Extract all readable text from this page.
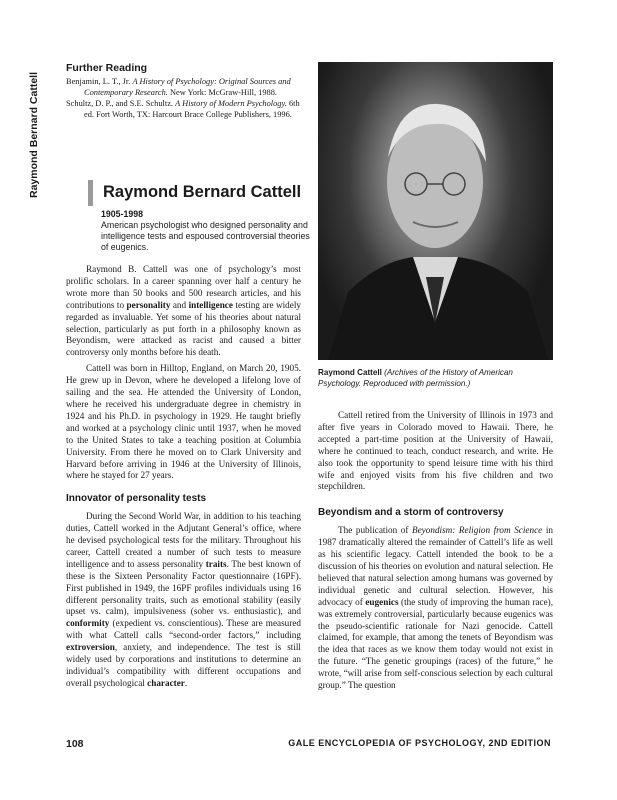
Raymond Bernard Cattell
Further Reading

Benjamin, L. T., Jr. A History of Psychology: Original Sources and Contemporary Research. New York: McGraw-Hill, 1988.

Schultz, D. P., and S.E. Schultz. A History of Modern Psychology. 6th ed. Fort Worth, TX: Harcourt Brace College Publishers, 1996.

Raymond Bernard Cattell
1905-1998
American psychologist who designed personality and intelligence tests and espoused controversial theories of eugenics.

Raymond B. Cattell was one of psychology’s most prolific scholars. In a career spanning over half a century he wrote more than 50 books and 500 research articles, and his contributions to personality and intelligence testing are widely regarded as invaluable. Yet some of his theories about natural selection, particularly as put forth in a philosophy known as Beyondism, were attacked as racist and caused a bitter controversy only months before his death.

Cattell was born in Hilltop, England, on March 20, 1905. He grew up in Devon, where he developed a lifelong love of sailing and the sea. He attended the University of London, where he received his undergraduate degree in chemistry in 1924 and his Ph.D. in psychology in 1929. He taught briefly and worked at a psychology clinic until 1937, when he moved to the United States to take a teaching position at Columbia University. From there he moved on to Clark University and Harvard before arriving in 1946 at the University of Illinois, where he stayed for 27 years.

Innovator of personality tests

During the Second World War, in addition to his teaching duties, Cattell worked in the Adjutant General’s office, where he devised psychological tests for the military. Throughout his career, Cattell created a number of such tests to measure intelligence and to assess personality traits. The best known of these is the Sixteen Personality Factor questionnaire (16PF). First published in 1949, the 16PF profiles individuals using 16 different personality traits, such as emotional stability (easily upset vs. calm), impulsiveness (sober vs. enthusiastic), and conformity (expedient vs. conscientious). These are measured with what Cattell calls “second-order factors,” including extroversion, anxiety, and independence. The test is still widely used by corporations and institutions to determine an individual’s compatibility with different occupations and overall psychological character.

Raymond Cattell (Archives of the History of American Psychology. Reproduced with permission.)

Cattell retired from the University of Illinois in 1973 and after five years in Colorado moved to Hawaii. There, he accepted a part-time position at the University of Hawaii, where he continued to teach, conduct research, and write. He also took the opportunity to spend leisure time with his third wife and enjoyed visits from his five children and two stepchildren.

Beyondism and a storm of controversy

The publication of Beyondism: Religion from Science in 1987 dramatically altered the remainder of Cattell’s life as well as his scientific legacy. Cattell intended the book to be a discussion of his theories on evolution and natural selection. He believed that natural selection among humans was governed by individual genetic and cultural selection. However, his advocacy of eugenics (the study of improving the human race), was extremely controversial, particularly because eugenics was the pseudo-scientific rationale for Nazi genocide. Cattell claimed, for example, that among the tenets of Beyondism was the idea that races as we know them today would not exist in the future. “The genetic groupings (races) of the future,” he wrote, “will arise from self-conscious selection by each cultural group.” The question

108	GALE ENCYCLOPEDIA OF PSYCHOLOGY, 2ND EDITION
